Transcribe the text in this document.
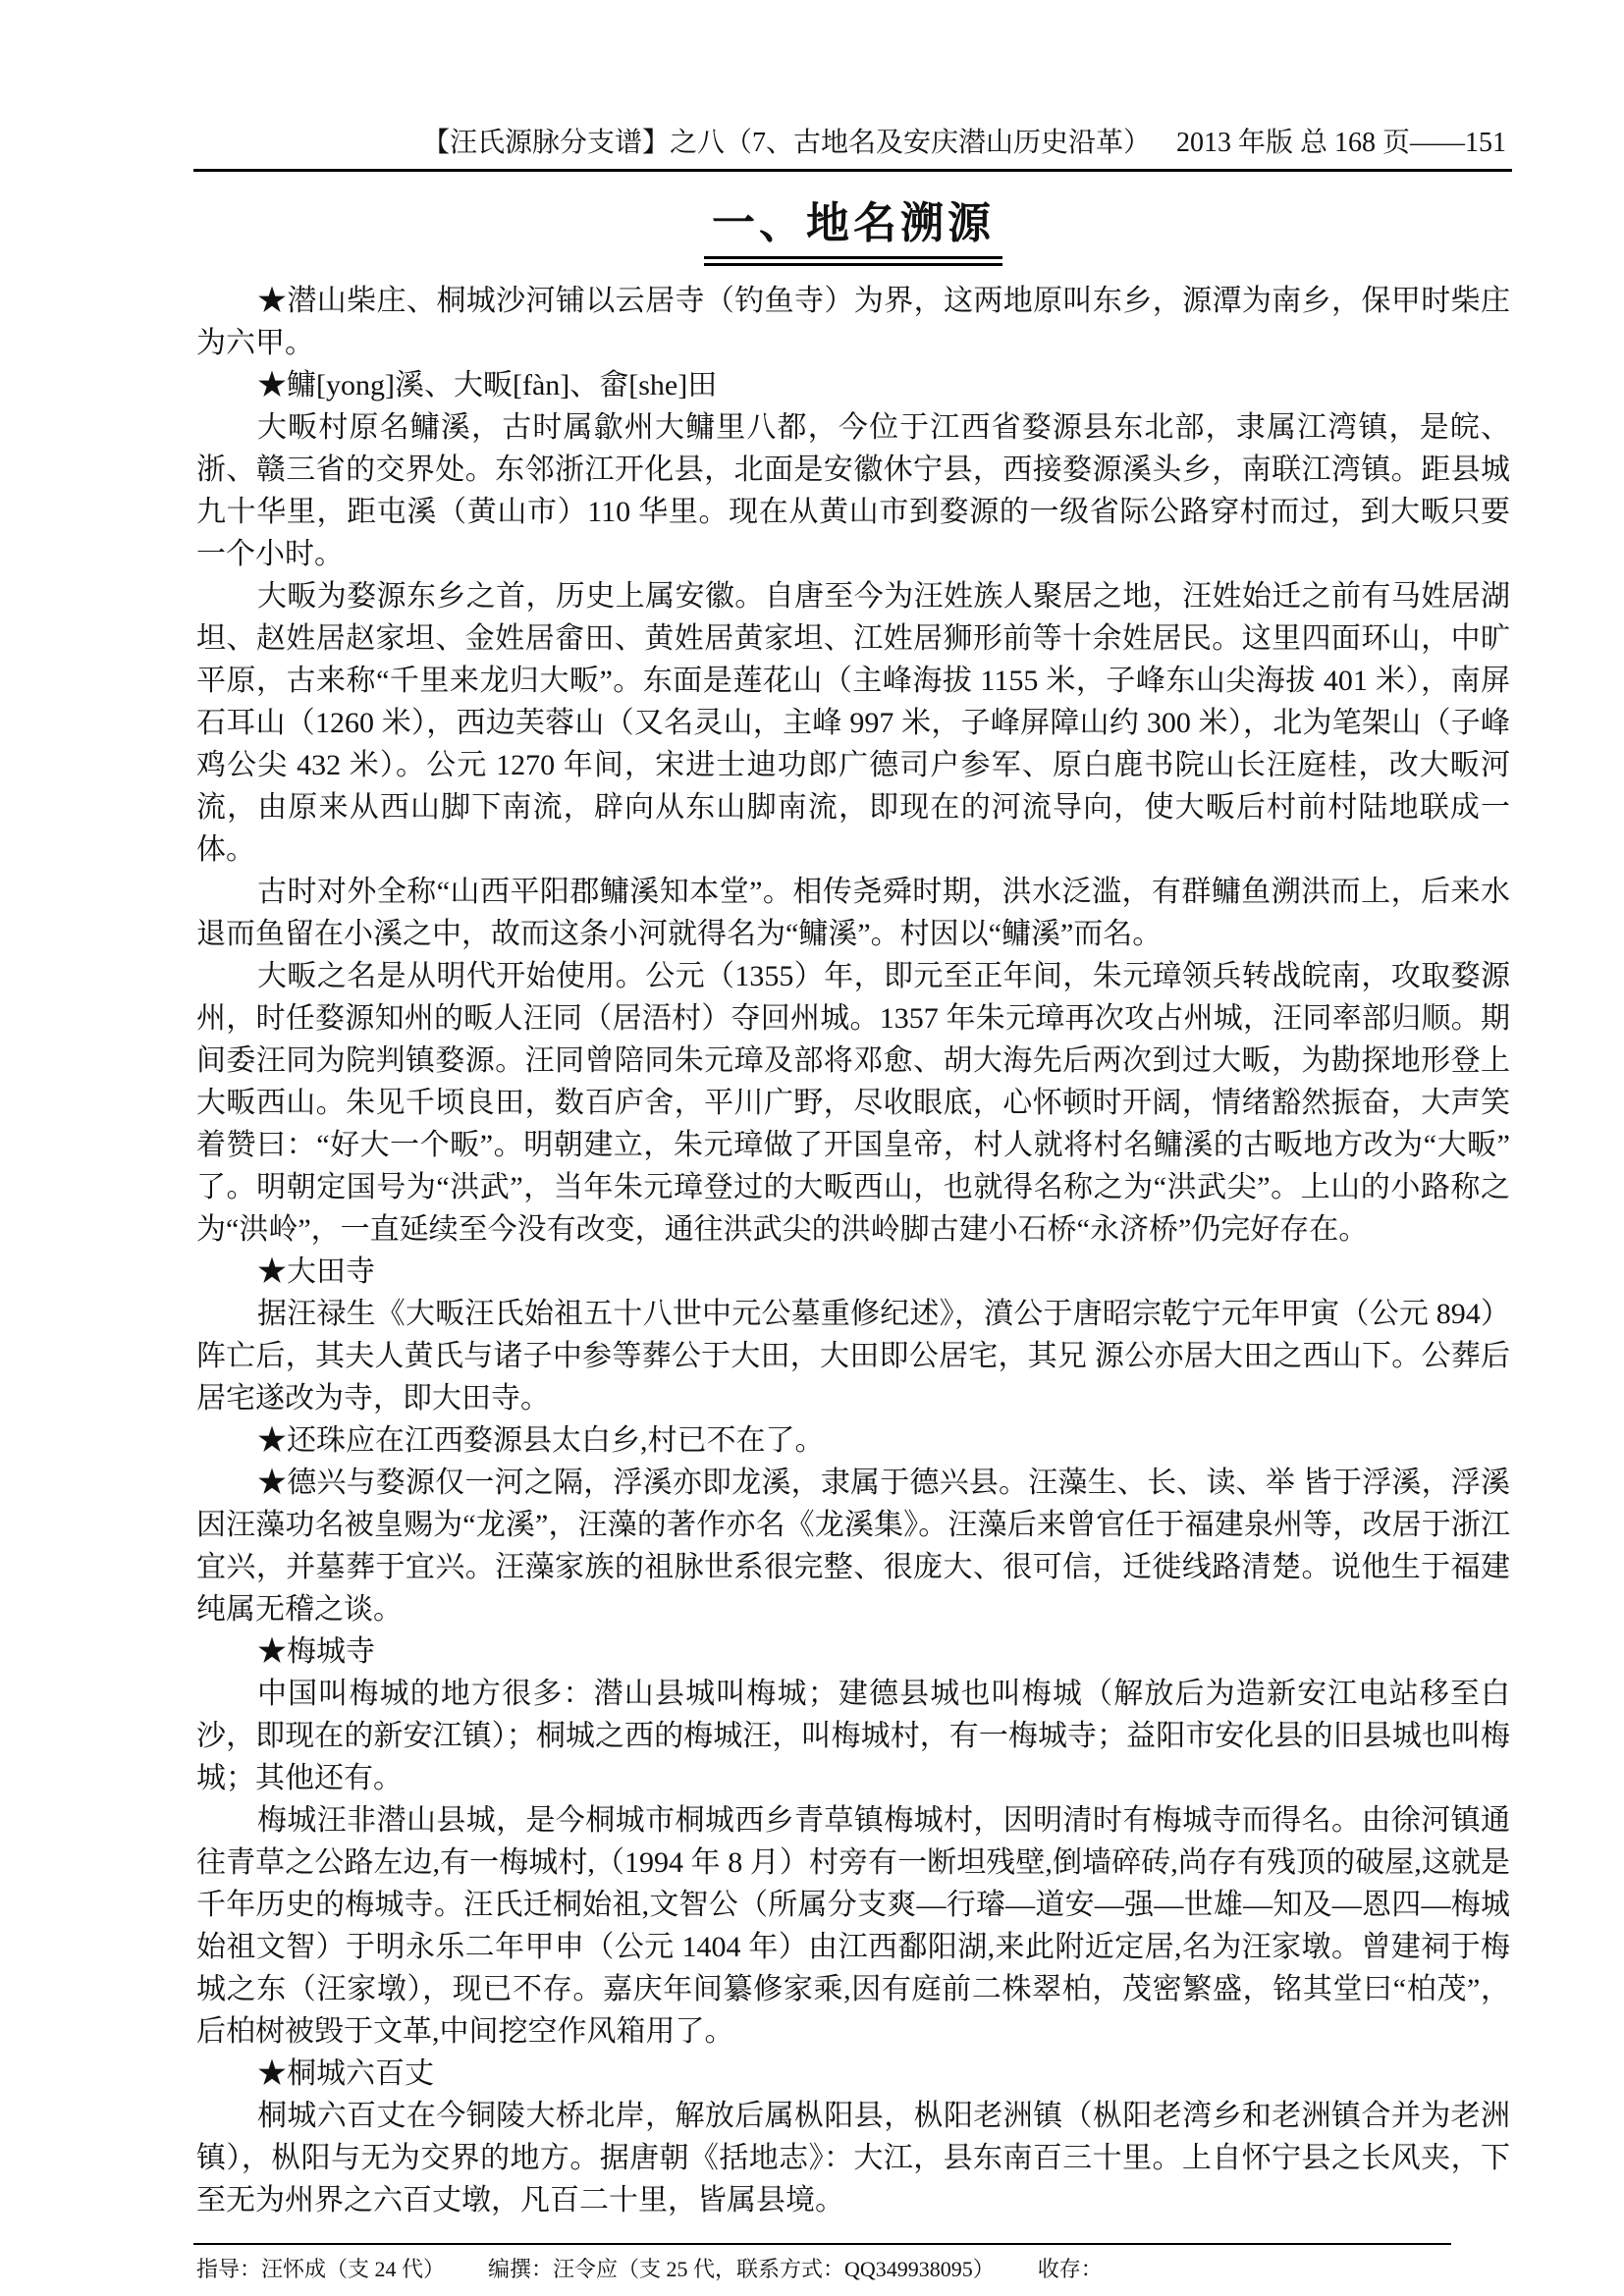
【汪氏源脉分支谱】之八（7、古地名及安庆潜山历史沿革） 2013 年版 总 168 页——151
一、地名溯源

★潜山柴庄、桐城沙河铺以云居寺（钓鱼寺）为界，这两地原叫东乡，源潭为南乡，保甲时柴庄为六甲。

★鳙[yong]溪、大畈[fàn]、畲[she]田

大畈村原名鳙溪，古时属歙州大鳙里八都，今位于江西省婺源县东北部，隶属江湾镇，是皖、浙、赣三省的交界处。东邻浙江开化县，北面是安徽休宁县，西接婺源溪头乡，南联江湾镇。距县城九十华里，距屯溪（黄山市）110 华里。现在从黄山市到婺源的一级省际公路穿村而过，到大畈只要一个小时。

大畈为婺源东乡之首，历史上属安徽。自唐至今为汪姓族人聚居之地，汪姓始迁之前有马姓居湖坦、赵姓居赵家坦、金姓居畲田、黄姓居黄家坦、江姓居狮形前等十余姓居民。这里四面环山，中旷平原，古来称“千里来龙归大畈”。东面是莲花山（主峰海拔 1155 米，子峰东山尖海拔 401 米），南屏石耳山（1260 米），西边芙蓉山（又名灵山，主峰 997 米，子峰屏障山约 300 米），北为笔架山（子峰鸡公尖 432 米）。公元 1270 年间，宋进士迪功郎广德司户参军、原白鹿书院山长汪庭桂，改大畈河流，由原来从西山脚下南流，辟向从东山脚南流，即现在的河流导向，使大畈后村前村陆地联成一体。

古时对外全称“山西平阳郡鳙溪知本堂”。相传尧舜时期，洪水泛滥，有群鳙鱼溯洪而上，后来水退而鱼留在小溪之中，故而这条小河就得名为“鳙溪”。村因以“鳙溪”而名。

大畈之名是从明代开始使用。公元（1355）年，即元至正年间，朱元璋领兵转战皖南，攻取婺源州，时任婺源知州的畈人汪同（居浯村）夺回州城。1357 年朱元璋再次攻占州城，汪同率部归顺。期间委汪同为院判镇婺源。汪同曾陪同朱元璋及部将邓愈、胡大海先后两次到过大畈，为勘探地形登上大畈西山。朱见千顷良田，数百庐舍，平川广野，尽收眼底，心怀顿时开阔，情绪豁然振奋，大声笑着赞曰：“好大一个畈”。明朝建立，朱元璋做了开国皇帝，村人就将村名鳙溪的古畈地方改为“大畈”了。明朝定国号为“洪武”，当年朱元璋登过的大畈西山，也就得名称之为“洪武尖”。上山的小路称之为“洪岭”，一直延续至今没有改变，通往洪武尖的洪岭脚古建小石桥“永济桥”仍完好存在。

★大田寺

据汪禄生《大畈汪氏始祖五十八世中元公墓重修纪述》，濆公于唐昭宗乾宁元年甲寅（公元 894）阵亡后，其夫人黄氏与诸子中参等葬公于大田，大田即公居宅，其兄 源公亦居大田之西山下。公葬后居宅遂改为寺，即大田寺。

★还珠应在江西婺源县太白乡,村已不在了。

★德兴与婺源仅一河之隔，浮溪亦即龙溪，隶属于德兴县。汪藻生、长、读、举 皆于浮溪，浮溪因汪藻功名被皇赐为“龙溪”，汪藻的著作亦名《龙溪集》。汪藻后来曾官任于福建泉州等，改居于浙江宜兴，并墓葬于宜兴。汪藻家族的祖脉世系很完整、很庞大、很可信，迁徙线路清楚。说他生于福建纯属无稽之谈。

★梅城寺

中国叫梅城的地方很多：潜山县城叫梅城；建德县城也叫梅城（解放后为造新安江电站移至白沙，即现在的新安江镇）；桐城之西的梅城汪，叫梅城村，有一梅城寺；益阳市安化县的旧县城也叫梅城；其他还有。

梅城汪非潜山县城，是今桐城市桐城西乡青草镇梅城村，因明清时有梅城寺而得名。由徐河镇通往青草之公路左边,有一梅城村,（1994 年 8 月）村旁有一断坦残壁,倒墙碎砖,尚存有残顶的破屋,这就是千年历史的梅城寺。汪氏迁桐始祖,文智公（所属分支爽—行璿—道安—强—世雄—知及—恩四—梅城始祖文智）于明永乐二年甲申（公元 1404 年）由江西鄱阳湖,来此附近定居,名为汪家墩。曾建祠于梅城之东（汪家墩），现已不存。嘉庆年间纂修家乘,因有庭前二株翠柏，茂密繁盛，铭其堂曰“柏茂”，后柏树被毁于文革,中间挖空作风箱用了。

★桐城六百丈

桐城六百丈在今铜陵大桥北岸，解放后属枞阳县，枞阳老洲镇（枞阳老湾乡和老洲镇合并为老洲镇），枞阳与无为交界的地方。据唐朝《括地志》：大江，县东南百三十里。上自怀宁县之长风夹，下至无为州界之六百丈墩，凡百二十里，皆属县境。

指导：汪怀成（支 24 代） 编撰：汪令应（支 25 代，联系方式：QQ349938095） 收存：
